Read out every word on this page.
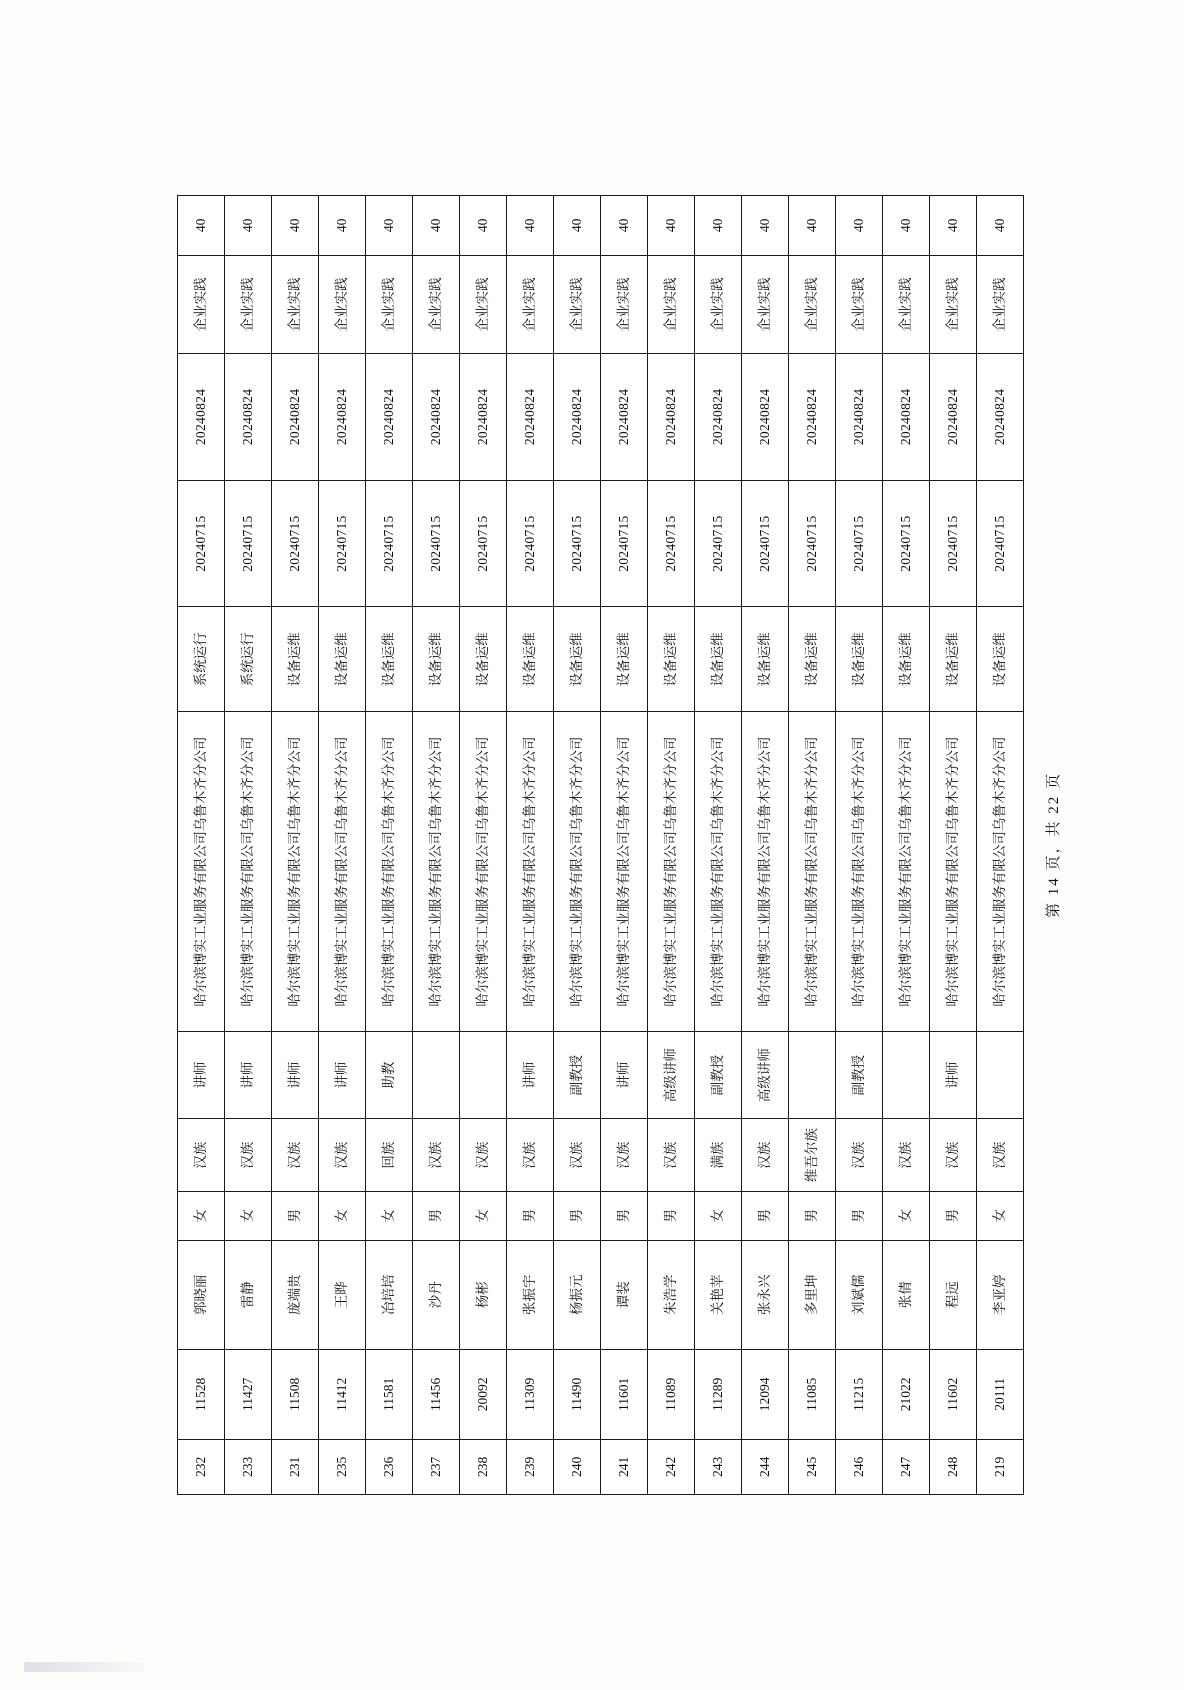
232	11528	郭晓丽	女	汉族	讲师	哈尔滨博实工业服务有限公司乌鲁木齐分公司	系统运行	20240715	20240824	企业实践	40
233	11427	雷静	女	汉族	讲师	哈尔滨博实工业服务有限公司乌鲁木齐分公司	系统运行	20240715	20240824	企业实践	40
231	11508	庞端贵	男	汉族	讲师	哈尔滨博实工业服务有限公司乌鲁木齐分公司	设备运维	20240715	20240824	企业实践	40
235	11412	王晔	女	汉族	讲师	哈尔滨博实工业服务有限公司乌鲁木齐分公司	设备运维	20240715	20240824	企业实践	40
236	11581	冶培培	女	回族	助教	哈尔滨博实工业服务有限公司乌鲁木齐分公司	设备运维	20240715	20240824	企业实践	40
237	11456	沙丹	男	汉族		哈尔滨博实工业服务有限公司乌鲁木齐分公司	设备运维	20240715	20240824	企业实践	40
238	20092	杨彬	女	汉族		哈尔滨博实工业服务有限公司乌鲁木齐分公司	设备运维	20240715	20240824	企业实践	40
239	11309	张振宇	男	汉族	讲师	哈尔滨博实工业服务有限公司乌鲁木齐分公司	设备运维	20240715	20240824	企业实践	40
240	11490	杨振元	男	汉族	副教授	哈尔滨博实工业服务有限公司乌鲁木齐分公司	设备运维	20240715	20240824	企业实践	40
241	11601	谭装	男	汉族	讲师	哈尔滨博实工业服务有限公司乌鲁木齐分公司	设备运维	20240715	20240824	企业实践	40
242	11089	朱浩学	男	汉族	高级讲师	哈尔滨博实工业服务有限公司乌鲁木齐分公司	设备运维	20240715	20240824	企业实践	40
243	11289	关艳苹	女	满族	副教授	哈尔滨博实工业服务有限公司乌鲁木齐分公司	设备运维	20240715	20240824	企业实践	40
244	12094	张永兴	男	汉族	高级讲师	哈尔滨博实工业服务有限公司乌鲁木齐分公司	设备运维	20240715	20240824	企业实践	40
245	11085	多里坤	男	维吾尔族		哈尔滨博实工业服务有限公司乌鲁木齐分公司	设备运维	20240715	20240824	企业实践	40
246	11215	刘斌儒	男	汉族	副教授	哈尔滨博实工业服务有限公司乌鲁木齐分公司	设备运维	20240715	20240824	企业实践	40
247	21022	张倩	女	汉族		哈尔滨博实工业服务有限公司乌鲁木齐分公司	设备运维	20240715	20240824	企业实践	40
248	11602	程远	男	汉族	讲师	哈尔滨博实工业服务有限公司乌鲁木齐分公司	设备运维	20240715	20240824	企业实践	40
219	20111	李亚婷	女	汉族		哈尔滨博实工业服务有限公司乌鲁木齐分公司	设备运维	20240715	20240824	企业实践	40
第 14 页，共 22 页
